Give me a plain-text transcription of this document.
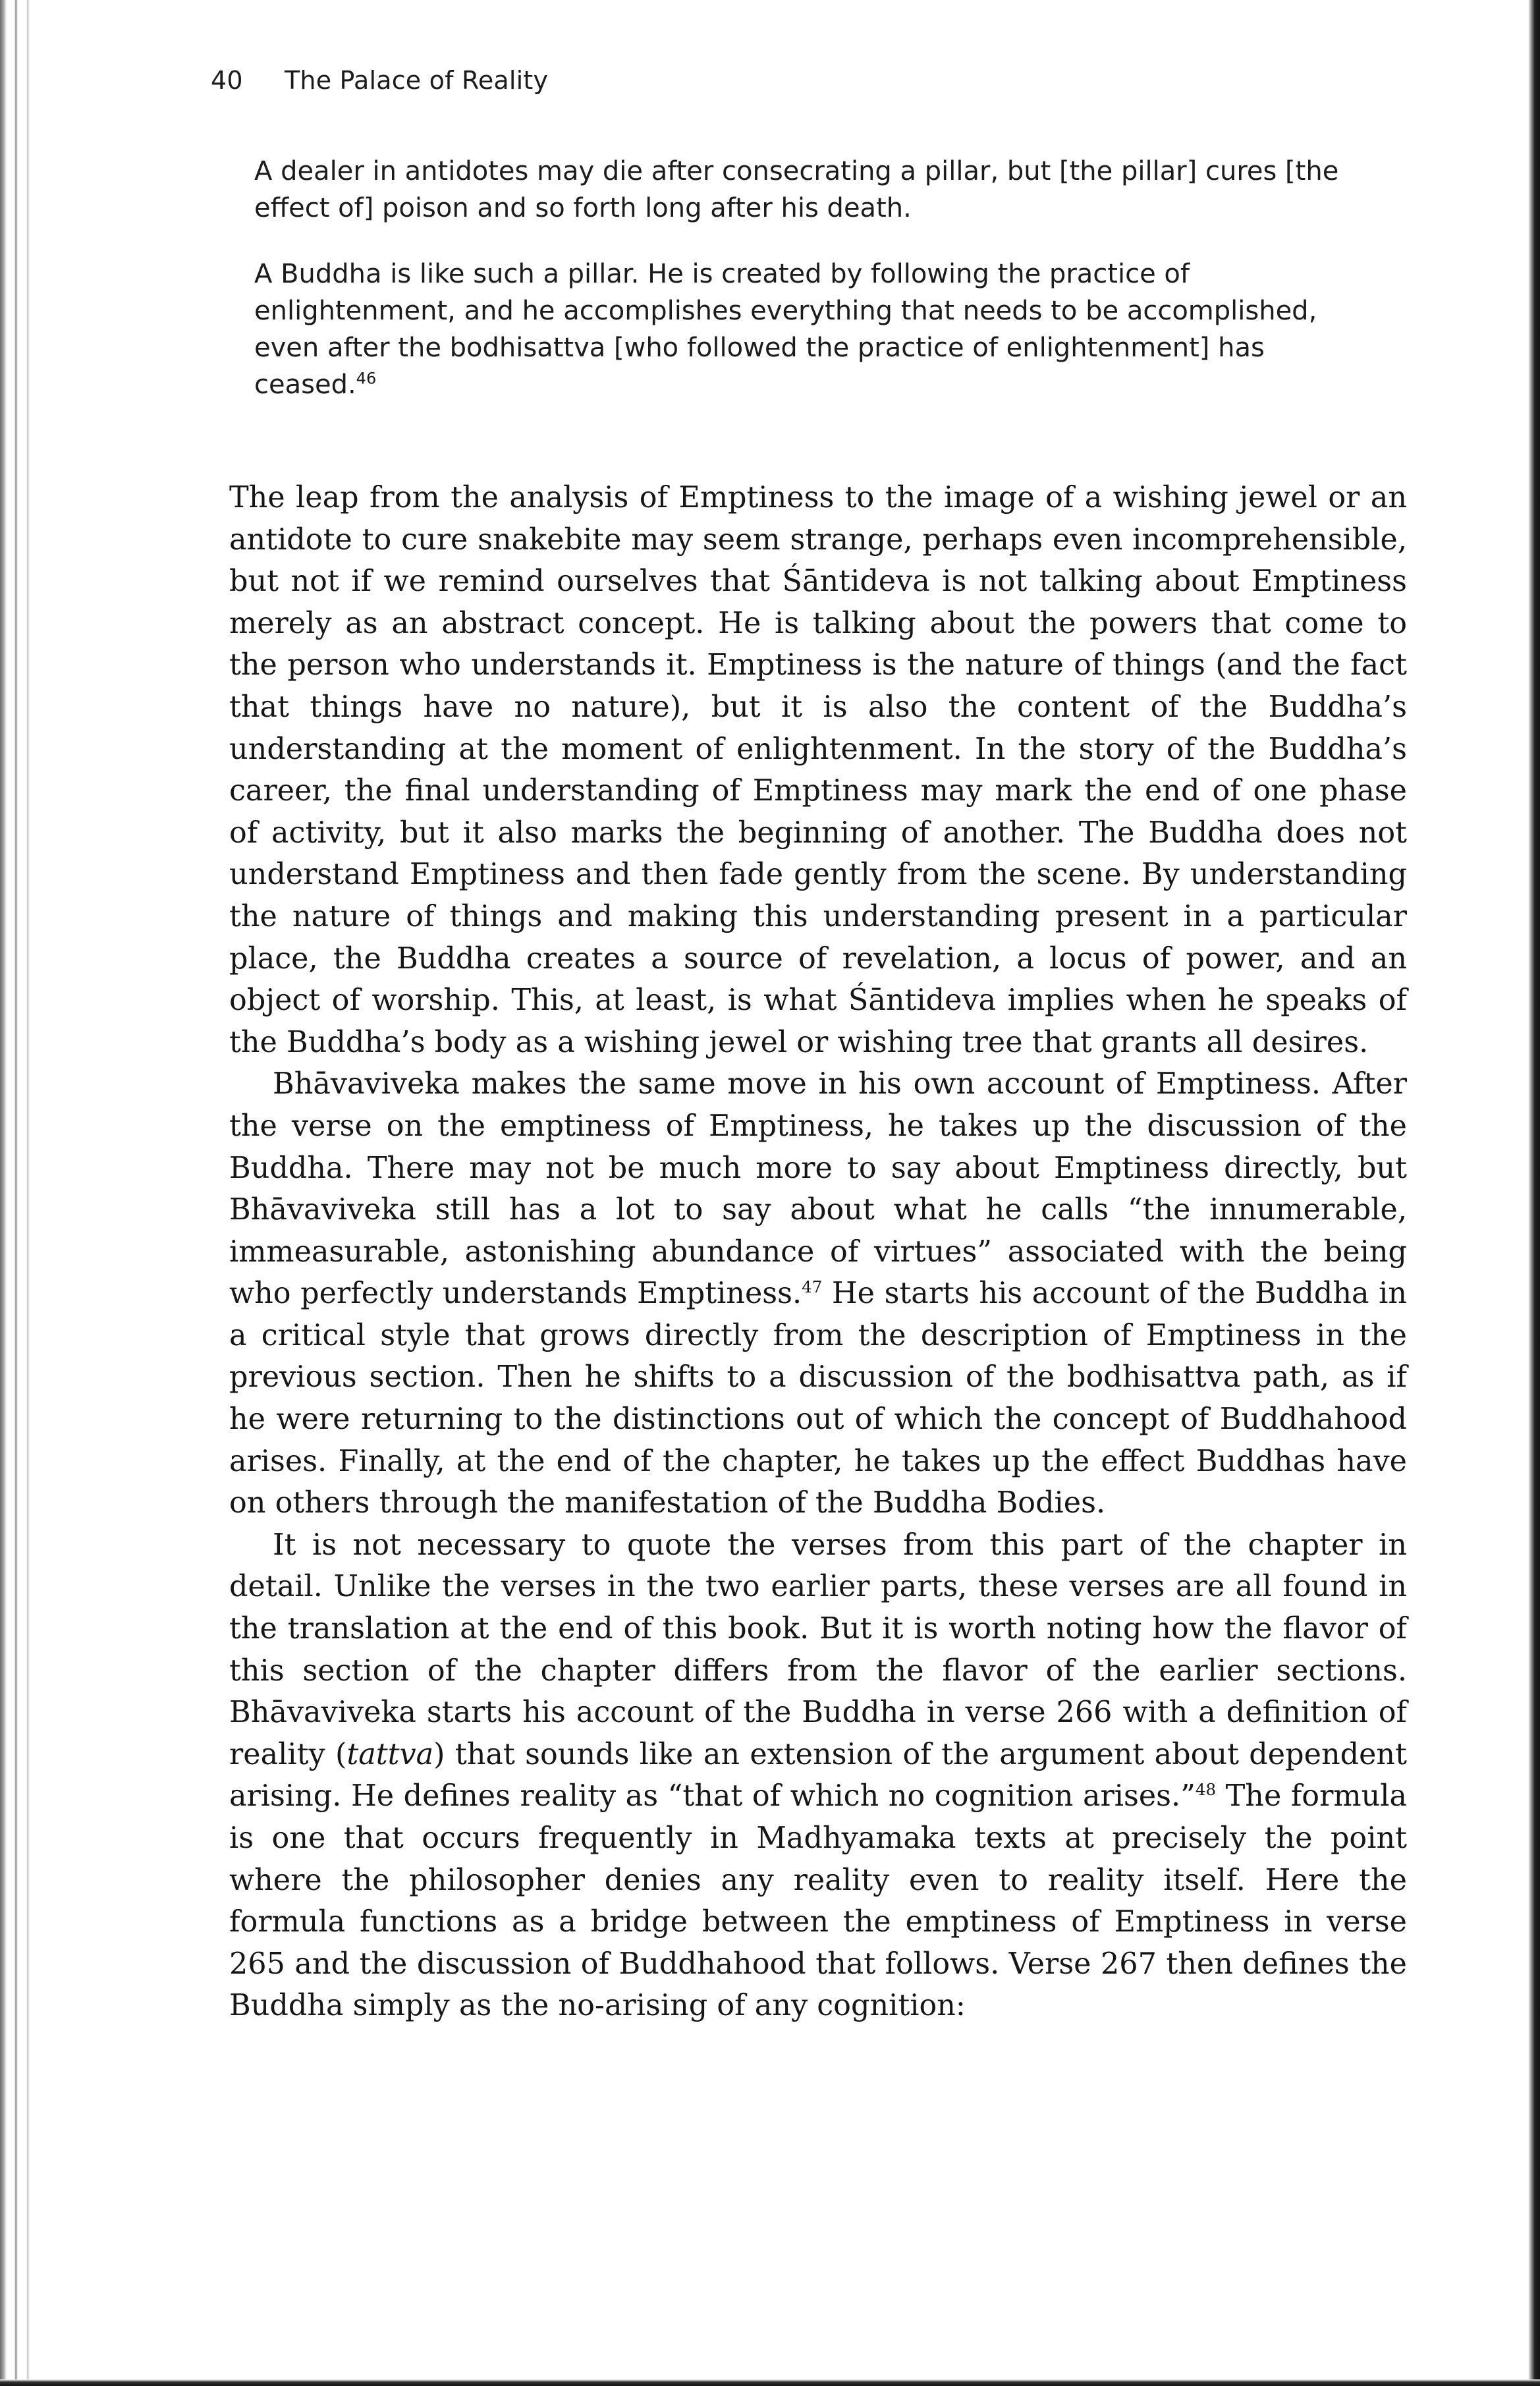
40 The Palace of Reality

A dealer in antidotes may die after consecrating a pillar, but [the pillar] cures [the effect of] poison and so forth long after his death.

A Buddha is like such a pillar. He is created by following the practice of enlightenment, and he accomplishes everything that needs to be accomplished, even after the bodhisattva [who followed the practice of enlightenment] has ceased.$^{46}$

The leap from the analysis of Emptiness to the image of a wishing jewel or an antidote to cure snakebite may seem strange, perhaps even incomprehensible, but not if we remind ourselves that Śāntideva is not talking about Emptiness merely as an abstract concept. He is talking about the powers that come to the person who understands it. Emptiness is the nature of things (and the fact that things have no nature), but it is also the content of the Buddha’s understanding at the moment of enlightenment. In the story of the Buddha’s career, the final understanding of Emptiness may mark the end of one phase of activity, but it also marks the beginning of another. The Buddha does not understand Emptiness and then fade gently from the scene. By understanding the nature of things and making this understanding present in a particular place, the Buddha creates a source of revelation, a locus of power, and an object of worship. This, at least, is what Śāntideva implies when he speaks of the Buddha’s body as a wishing jewel or wishing tree that grants all desires.

Bhāvaviveka makes the same move in his own account of Emptiness. After the verse on the emptiness of Emptiness, he takes up the discussion of the Buddha. There may not be much more to say about Emptiness directly, but Bhāvaviveka still has a lot to say about what he calls “the innumerable, immeasurable, astonishing abundance of virtues” associated with the being who perfectly understands Emptiness.$^{47}$ He starts his account of the Buddha in a critical style that grows directly from the description of Emptiness in the previous section. Then he shifts to a discussion of the bodhisattva path, as if he were returning to the distinctions out of which the concept of Buddhahood arises. Finally, at the end of the chapter, he takes up the effect Buddhas have on others through the manifestation of the Buddha Bodies.

It is not necessary to quote the verses from this part of the chapter in detail. Unlike the verses in the two earlier parts, these verses are all found in the translation at the end of this book. But it is worth noting how the flavor of this section of the chapter differs from the flavor of the earlier sections. Bhāvaviveka starts his account of the Buddha in verse 266 with a definition of reality (tattva) that sounds like an extension of the argument about dependent arising. He defines reality as “that of which no cognition arises.”$^{48}$ The formula is one that occurs frequently in Madhyamaka texts at precisely the point where the philosopher denies any reality even to reality itself. Here the formula functions as a bridge between the emptiness of Emptiness in verse 265 and the discussion of Buddhahood that follows. Verse 267 then defines the Buddha simply as the no-arising of any cognition:
